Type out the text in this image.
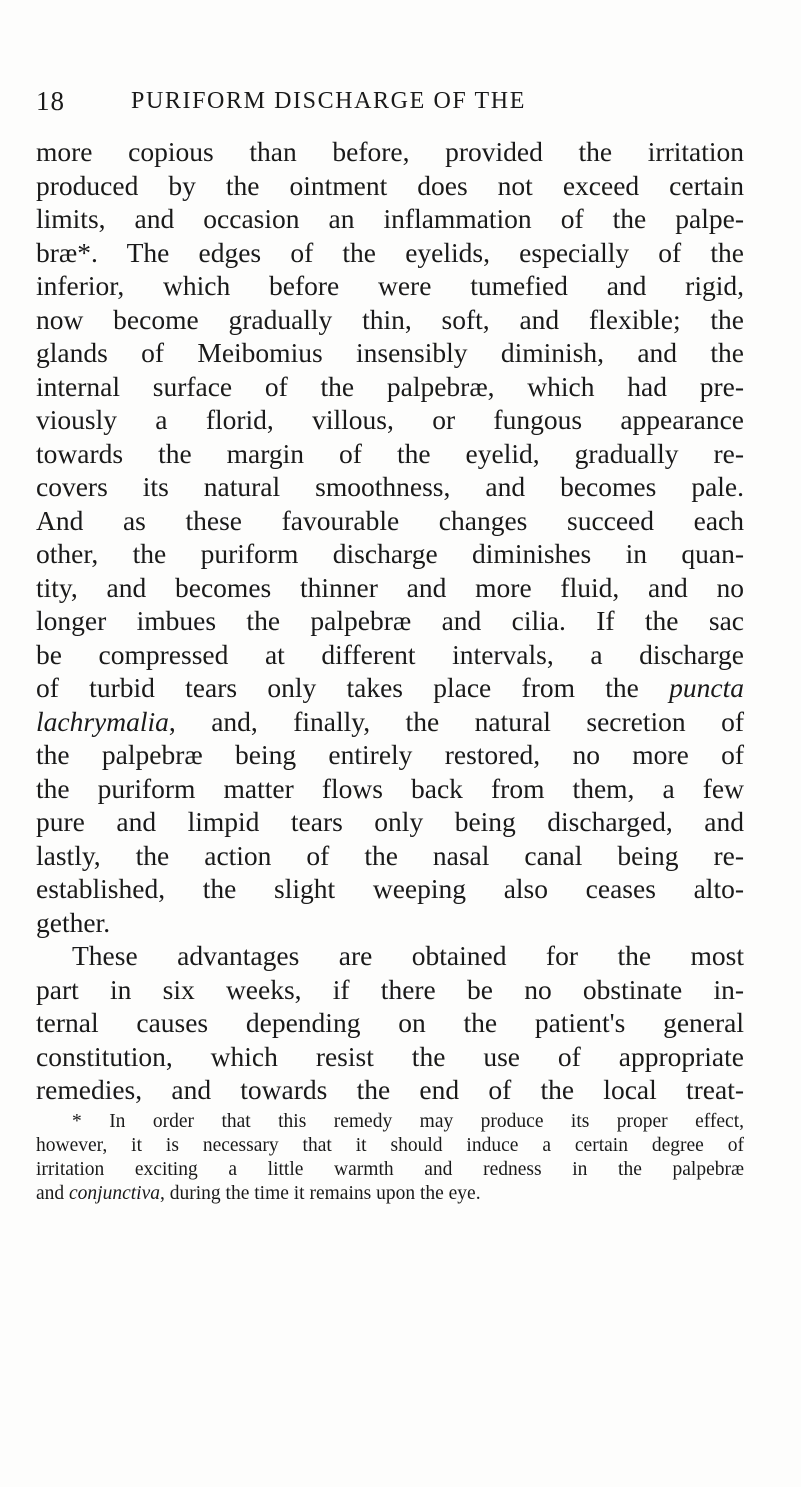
18	PURIFORM DISCHARGE OF THE
more copious than before, provided the irritation
produced by the ointment does not exceed certain
limits, and occasion an inflammation of the palpe-
bræ*. The edges of the eyelids, especially of the
inferior, which before were tumefied and rigid,
now become gradually thin, soft, and flexible; the
glands of Meibomius insensibly diminish, and the
internal surface of the palpebræ, which had pre-
viously a florid, villous, or fungous appearance
towards the margin of the eyelid, gradually re-
covers its natural smoothness, and becomes pale.
And as these favourable changes succeed each
other, the puriform discharge diminishes in quan-
tity, and becomes thinner and more fluid, and no
longer imbues the palpebræ and cilia. If the sac
be compressed at different intervals, a discharge
of turbid tears only takes place from the puncta
lachrymalia, and, finally, the natural secretion of
the palpebræ being entirely restored, no more of
the puriform matter flows back from them, a few
pure and limpid tears only being discharged, and
lastly, the action of the nasal canal being re-
established, the slight weeping also ceases alto-
gether.
These advantages are obtained for the most
part in six weeks, if there be no obstinate in-
ternal causes depending on the patient's general
constitution, which resist the use of appropriate
remedies, and towards the end of the local treat-
* In order that this remedy may produce its proper effect,
however, it is necessary that it should induce a certain degree of
irritation exciting a little warmth and redness in the palpebræ
and conjunctiva, during the time it remains upon the eye.
